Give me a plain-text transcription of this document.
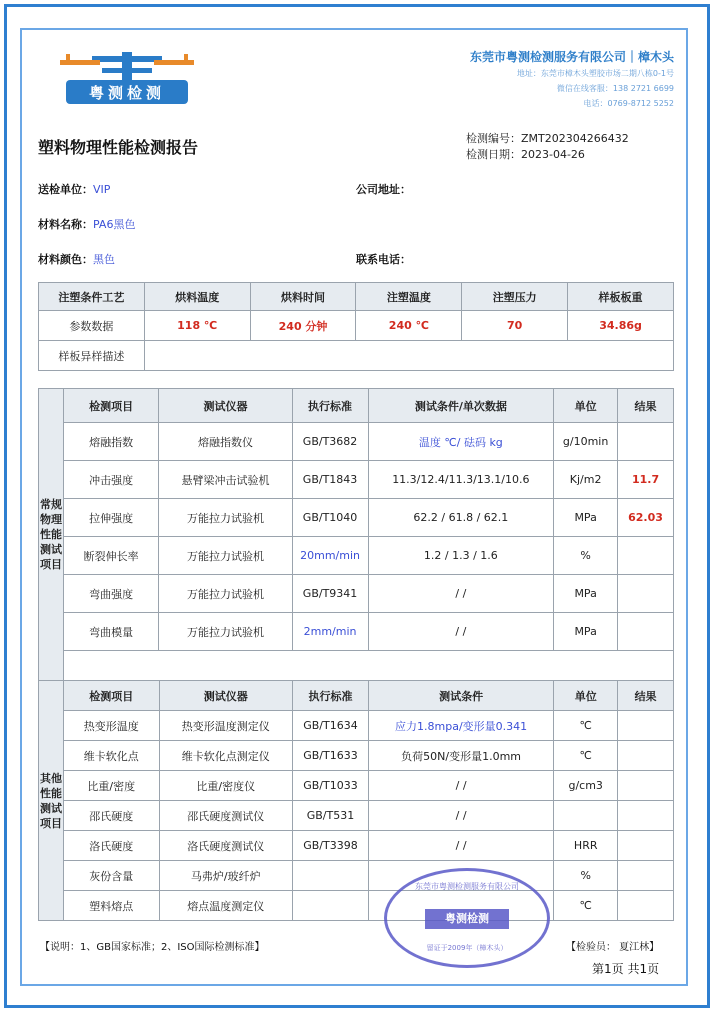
粤测检测
东莞市粤测检测服务有限公司｜樟木头
地址：东莞市樟木头塑胶市场二期八栋0-1号
微信在线客服：138 2721 6699
电话：0769-8712 5252
塑料物理性能检测报告	检测编号：ZMT202304266432
检测日期：2023-04-26
送检单位：VIP	公司地址：
材料名称：PA6黑色
材料颜色：黑色	联系电话：
注塑条件工艺	烘料温度	烘料时间	注塑温度	注塑压力	样板板重
参数数据	118 ℃	240 分钟	240 ℃	70	34.86g
样板异样描述					
常规物理性能测试项目	检测项目	测试仪器	执行标准	测试条件/单次数据	单位	结果
	熔融指数	熔融指数仪	GB/T3682	温度 ℃/ 砝码 kg	g/10min	
	冲击强度	悬臂梁冲击试验机	GB/T1843	11.3/12.4/11.3/13.1/10.6	Kj/m2	11.7
	拉伸强度	万能拉力试验机	GB/T1040	62.2 / 61.8 / 62.1	MPa	62.03
	断裂伸长率	万能拉力试验机	20mm/min	1.2 / 1.3 / 1.6	%	
	弯曲强度	万能拉力试验机	GB/T9341	/ /	MPa	
	弯曲模量	万能拉力试验机	2mm/min	/ /	MPa	

其他性能测试项目	检测项目	测试仪器	执行标准	测试条件	单位	结果
	热变形温度	热变形温度测定仪	GB/T1634	应力1.8mpa/变形量0.341	℃	
	维卡软化点	维卡软化点测定仪	GB/T1633	负荷50N/变形量1.0mm	℃	
	比重/密度	比重/密度仪	GB/T1033	/ /	g/cm3	
	邵氏硬度	邵氏硬度测试仪	GB/T531	/ /		
	洛氏硬度	洛氏硬度测试仪	GB/T3398	/ /	HRR	
	灰份含量	马弗炉/玻纤炉			%	
	塑料熔点	熔点温度测定仪			℃	
东莞市粤测检测服务有限公司
粤测检测
留证于2009年（樟木头）
【说明：1、GB国家标准；2、ISO国际检测标准】	【检验员： 夏江林】
第1页 共1页
